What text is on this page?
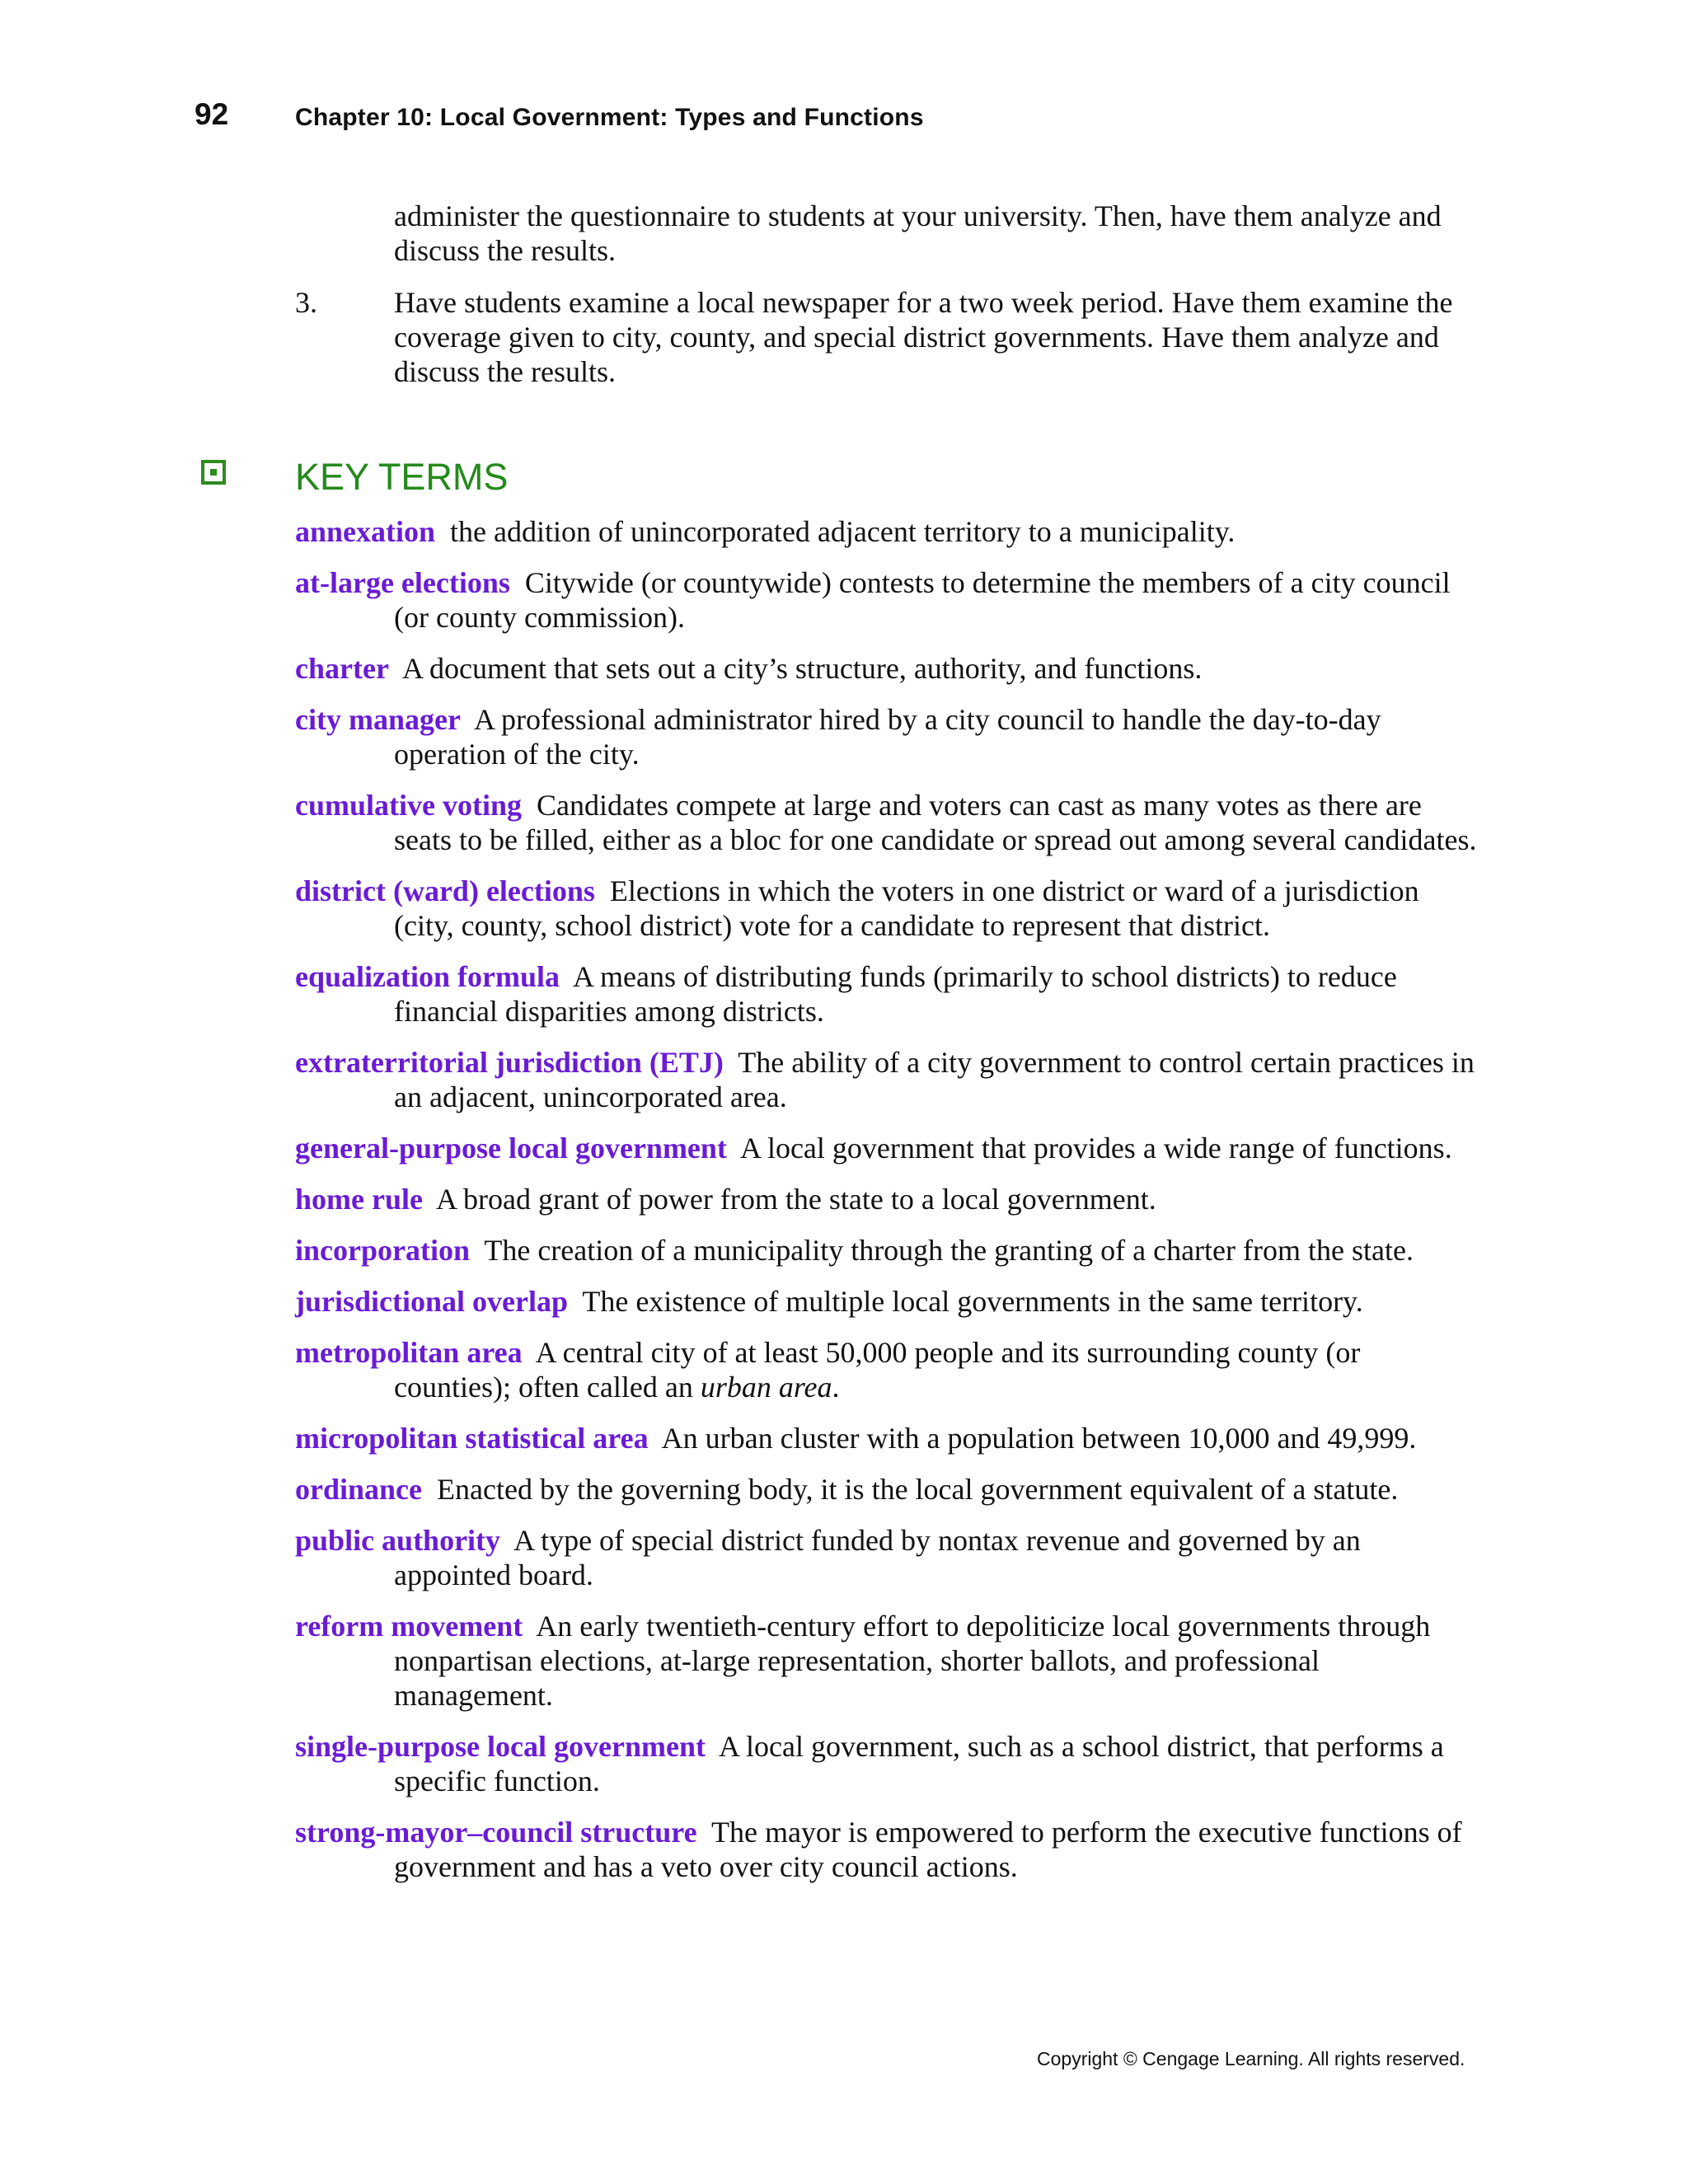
92	Chapter 10: Local Government: Types and Functions
administer the questionnaire to students at your university. Then, have them analyze and discuss the results.
3.	Have students examine a local newspaper for a two week period. Have them examine the coverage given to city, county, and special district governments. Have them analyze and discuss the results.
KEY TERMS
annexation the addition of unincorporated adjacent territory to a municipality.
at-large elections Citywide (or countywide) contests to determine the members of a city council (or county commission).
charter A document that sets out a city’s structure, authority, and functions.
city manager A professional administrator hired by a city council to handle the day-to-day operation of the city.
cumulative voting Candidates compete at large and voters can cast as many votes as there are seats to be filled, either as a bloc for one candidate or spread out among several candidates.
district (ward) elections Elections in which the voters in one district or ward of a jurisdiction (city, county, school district) vote for a candidate to represent that district.
equalization formula A means of distributing funds (primarily to school districts) to reduce financial disparities among districts.
extraterritorial jurisdiction (ETJ) The ability of a city government to control certain practices in an adjacent, unincorporated area.
general-purpose local government A local government that provides a wide range of functions.
home rule A broad grant of power from the state to a local government.
incorporation The creation of a municipality through the granting of a charter from the state.
jurisdictional overlap The existence of multiple local governments in the same territory.
metropolitan area A central city of at least 50,000 people and its surrounding county (or counties); often called an urban area.
micropolitan statistical area An urban cluster with a population between 10,000 and 49,999.
ordinance Enacted by the governing body, it is the local government equivalent of a statute.
public authority A type of special district funded by nontax revenue and governed by an appointed board.
reform movement An early twentieth-century effort to depoliticize local governments through nonpartisan elections, at-large representation, shorter ballots, and professional management.
single-purpose local government A local government, such as a school district, that performs a specific function.
strong-mayor–council structure The mayor is empowered to perform the executive functions of government and has a veto over city council actions.
Copyright © Cengage Learning. All rights reserved.
